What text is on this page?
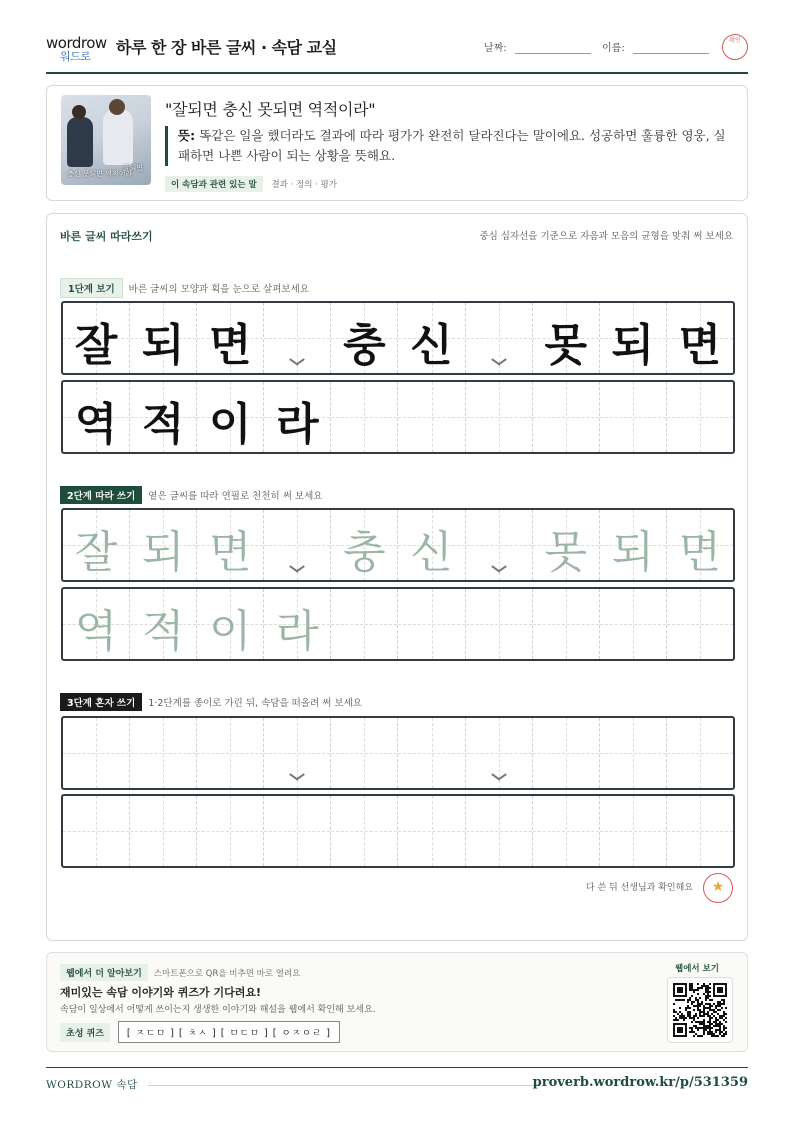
wordrow
워드로 하루 한 장 바른 글씨 · 속담 교실	날짜:	이름:
확인
잘되면
충신 못되면 역적이라
"잘되면 충신 못되면 역적이라"
뜻: 똑같은 일을 했더라도 결과에 따라 평가가 완전히 달라진다는 말이에요. 성공하면 훌륭한 영웅, 실패하면 나쁜 사람이 되는 상황을 뜻해요.
이 속담과 관련 있는 말 결과 · 정의 · 평가
바른 글씨 따라쓰기	중심 십자선을 기준으로 자음과 모음의 균형을 맞춰 써 보세요
1단계 보기 바른 글씨의 모양과 획을 눈으로 살펴보세요
잘 되 면 충 신 못 되 면
역 적 이 라
2단계 따라 쓰기 옅은 글씨를 따라 연필로 천천히 써 보세요
잘 되 면 충 신 못 되 면
역 적 이 라
3단계 혼자 쓰기 1·2단계를 종이로 가린 뒤, 속담을 떠올려 써 보세요
다 쓴 뒤 선생님과 확인해요	★
웹에서 더 알아보기 스마트폰으로 QR을 비추면 바로 열려요
재미있는 속담 이야기와 퀴즈가 기다려요!
속담이 일상에서 어떻게 쓰이는지 생생한 이야기와 해설을 웹에서 확인해 보세요.
초성 퀴즈 [ ㅈㄷㅁ ] [ ㅊㅅ ] [ ㅁㄷㅁ ] [ ㅇㅈㅇㄹ ]
웹에서 보기
WORDROW 속담	proverb.wordrow.kr/p/531359
